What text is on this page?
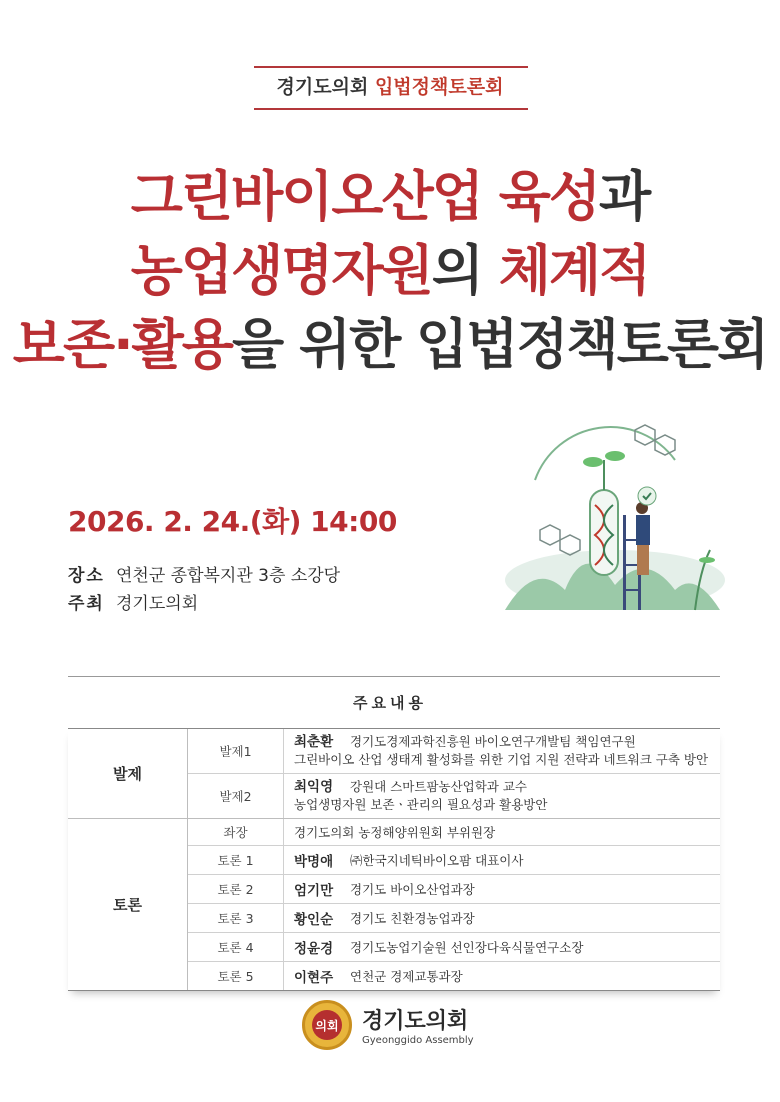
경기도의회 입법정책토론회
그린바이오산업 육성과
농업생명자원의 체계적
보존·활용을 위한 입법정책토론회
2026. 2. 24.(화) 14:00
장소 연천군 종합복지관 3층 소강당
주최 경기도의회
주요내용
발제
발제1
최춘환	경기도경제과학진흥원 바이오연구개발팀 책임연구원
그린바이오 산업 생태계 활성화를 위한 기업 지원 전략과 네트워크 구축 방안
발제2
최익영	강원대 스마트팜농산업학과 교수
농업생명자원 보존ㆍ관리의 필요성과 활용방안
토론
좌장	경기도의회 농정해양위원회 부위원장
토론 1	박명애	㈜한국지네틱바이오팜 대표이사
토론 2	엄기만	경기도 바이오산업과장
토론 3	황인순	경기도 친환경농업과장
토론 4	정윤경	경기도농업기술원 선인장다육식물연구소장
토론 5	이현주	연천군 경제교통과장
의회 경기도의회
Gyeonggido Assembly
